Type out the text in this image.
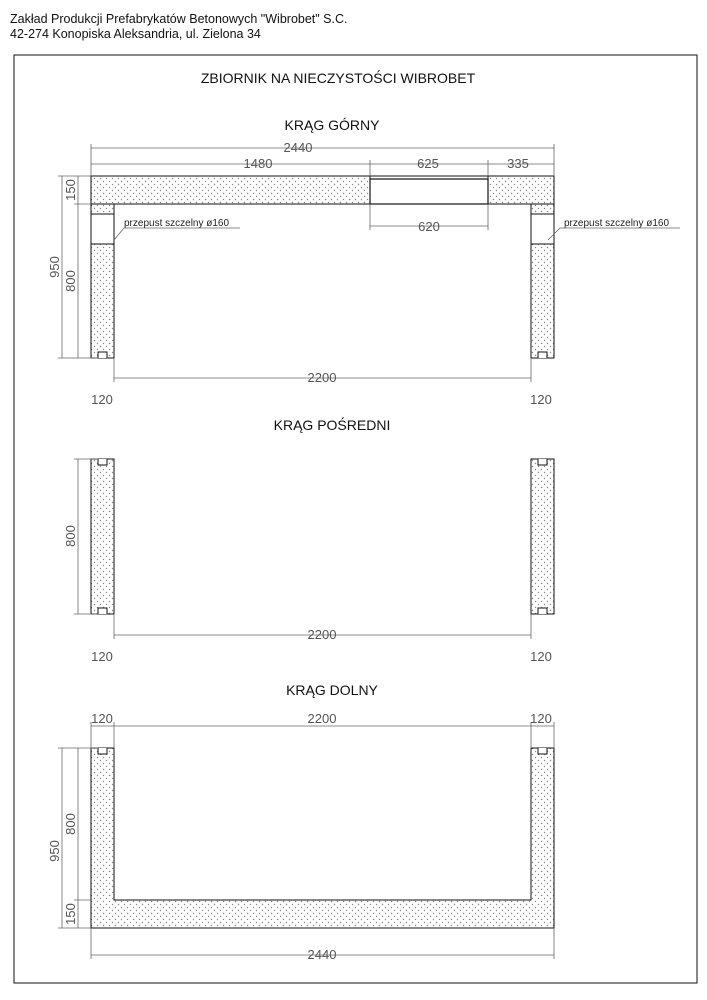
Zakład Produkcji Prefabrykatów Betonowych "Wibrobet" S.C.
42-274 Konopiska Aleksandria, ul. Zielona 34
ZBIORNIK NA NIECZYSTOŚCI WIBROBET
KRĄG GÓRNY
2440
1480	625	335
620
2200
120	120
950
150
800
przepust szczelny ø160	przepust szczelny ø160
KRĄG POŚREDNI
800
2200
120	120
KRĄG DOLNY
120	2200	120
950
800
150
2440
